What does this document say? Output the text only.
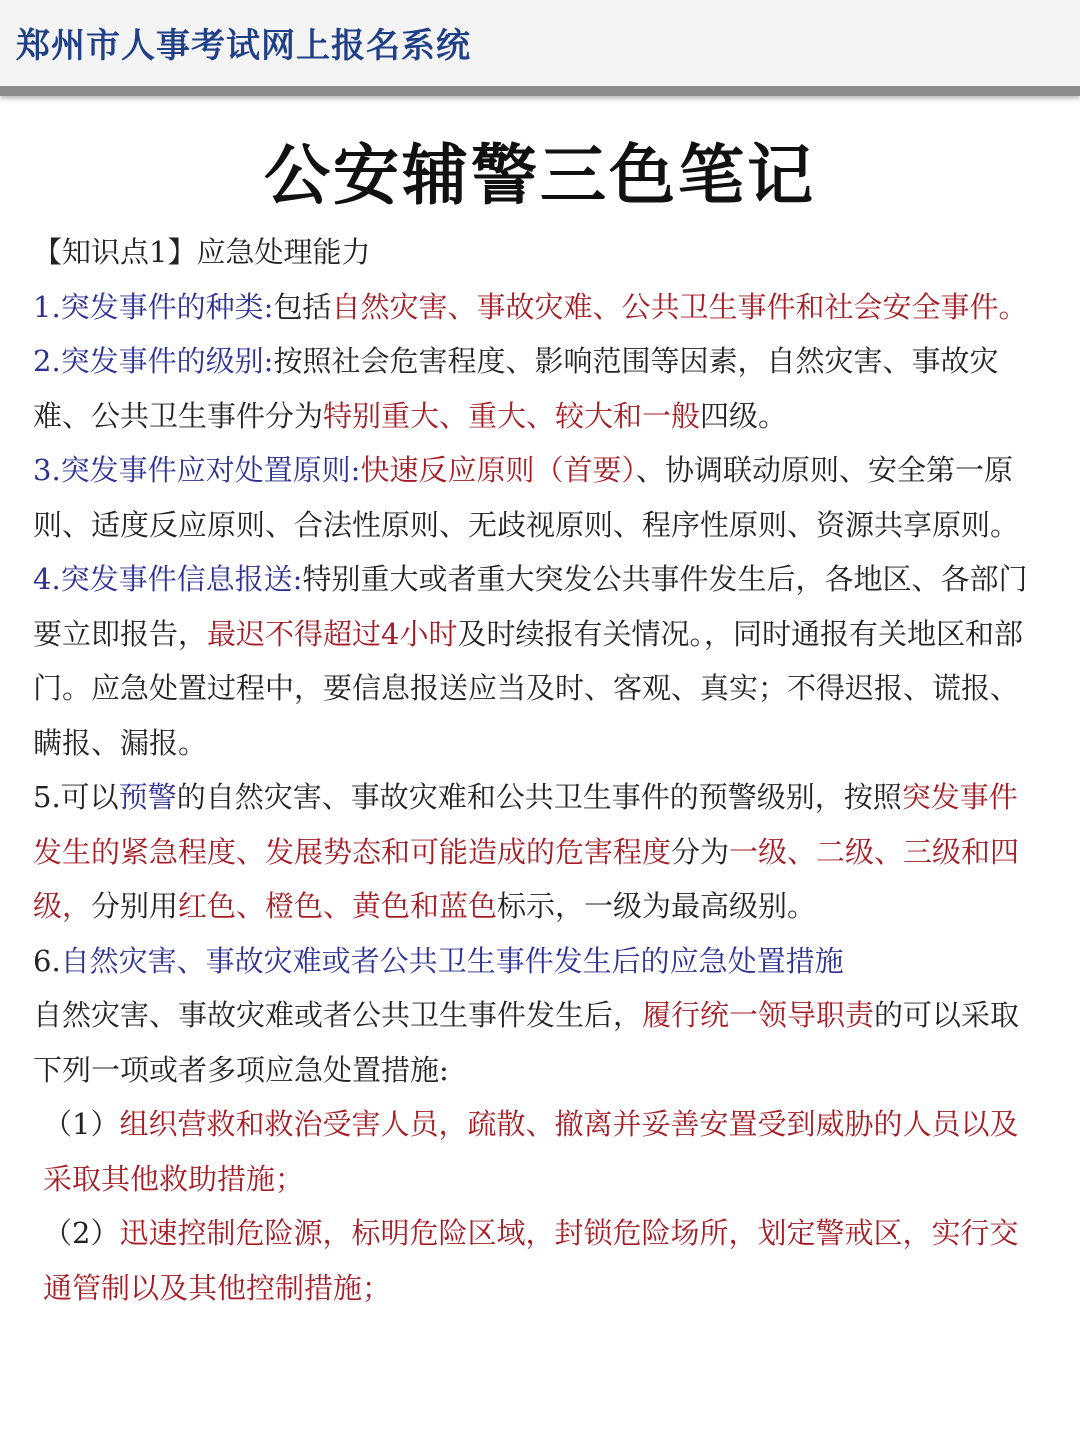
郑州市人事考试网上报名系统
公安辅警三色笔记

【知识点1】应急处理能力

1.突发事件的种类:包括自然灾害、事故灾难、公共卫生事件和社会安全事件。

2.突发事件的级别:按照社会危害程度、影响范围等因素，自然灾害、事故灾难、公共卫生事件分为特别重大、重大、较大和一般四级。

3.突发事件应对处置原则:快速反应原则（首要）、协调联动原则、安全第一原则、适度反应原则、合法性原则、无歧视原则、程序性原则、资源共享原则。

4.突发事件信息报送:特别重大或者重大突发公共事件发生后，各地区、各部门要立即报告，最迟不得超过4小时及时续报有关情况。，同时通报有关地区和部门。应急处置过程中，要信息报送应当及时、客观、真实；不得迟报、谎报、瞒报、漏报。

5.可以预警的自然灾害、事故灾难和公共卫生事件的预警级别，按照突发事件发生的紧急程度、发展势态和可能造成的危害程度分为一级、二级、三级和四级，分别用红色、橙色、黄色和蓝色标示，一级为最高级别。

6.自然灾害、事故灾难或者公共卫生事件发生后的应急处置措施

自然灾害、事故灾难或者公共卫生事件发生后，履行统一领导职责的可以采取下列一项或者多项应急处置措施:

（1）组织营救和救治受害人员，疏散、撤离并妥善安置受到威胁的人员以及采取其他救助措施；

（2）迅速控制危险源，标明危险区域，封锁危险场所，划定警戒区，实行交通管制以及其他控制措施；
